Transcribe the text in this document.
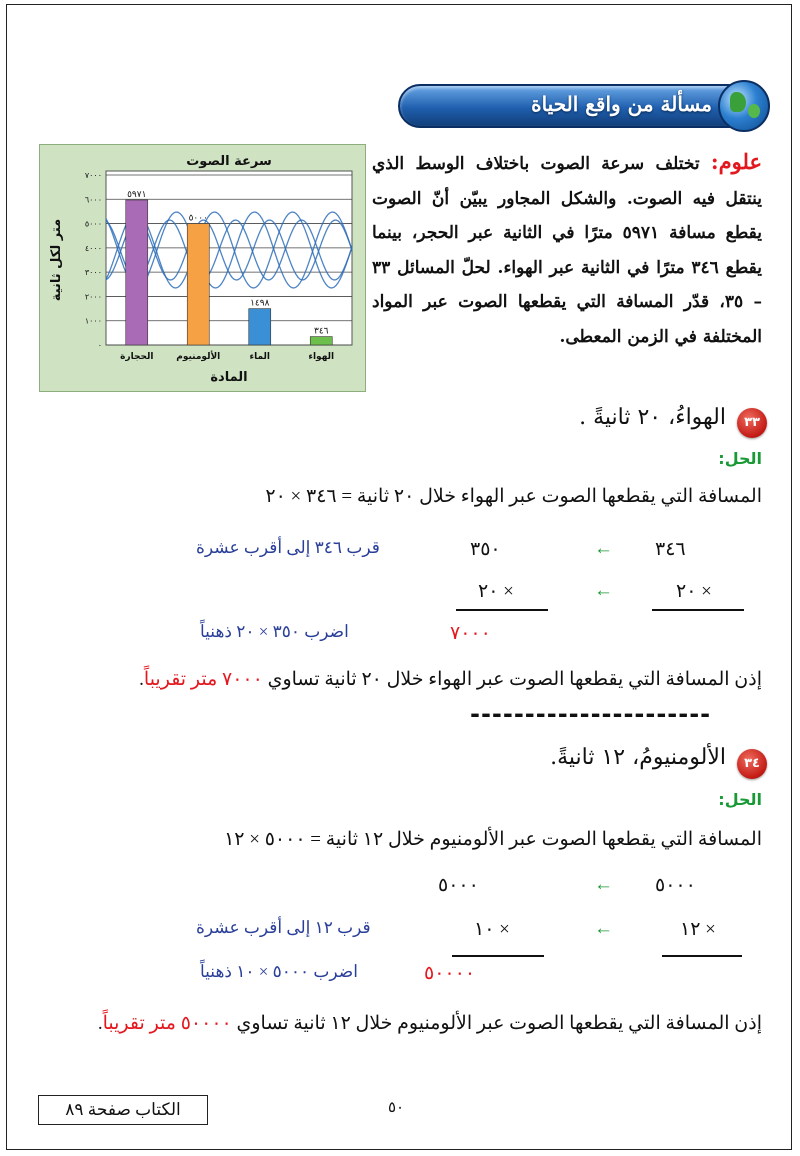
مسألة من واقع الحياة
سرعة الصوت
٠
١٠٠٠
٢٠٠٠
٣٠٠٠
٤٠٠٠
٥٠٠٠
٦٠٠٠
٧٠٠٠
٣٤٦
الهواء
١٤٩٨
الماء
٥٠٠٠
الألومنيوم
٥٩٧١
الحجارة
المادة
متر لكل ثانية
علوم: تختلف سرعة الصوت باختلاف الوسط الذي ينتقل فيه الصوت. والشكل المجاور يبيّن أنّ الصوت يقطع مسافة ٥٩٧١ مترًا في الثانية عبر الحجر، بينما يقطع ٣٤٦ مترًا في الثانية عبر الهواء. لحلّ المسائل ٣٣ – ٣٥، قدّر المسافة التي يقطعها الصوت عبر المواد المختلفة في الزمن المعطى.
٣٣
الهواءُ، ٢٠ ثانيةً .
الحل:
المسافة التي يقطعها الصوت عبر الهواء خلال ٢٠ ثانية = ٣٤٦ × ٢٠
٣٤٦
←
٣٥٠
قرب ٣٤٦ إلى أقرب عشرة
× ٢٠
←
× ٢٠
٧٠٠٠
اضرب ٣٥٠ × ٢٠ ذهنياً
إذن المسافة التي يقطعها الصوت عبر الهواء خلال ٢٠ ثانية تساوي ٧٠٠٠ متر تقريباً.
----------------------
٣٤
الألومنيومُ، ١٢ ثانيةً.
الحل:
المسافة التي يقطعها الصوت عبر الألومنيوم خلال ١٢ ثانية = ٥٠٠٠ × ١٢
٥٠٠٠
←
٥٠٠٠
× ١٢
←
× ١٠
قرب ١٢ إلى أقرب عشرة
٥٠٠٠٠
اضرب ٥٠٠٠ × ١٠ ذهنياً
إذن المسافة التي يقطعها الصوت عبر الألومنيوم خلال ١٢ ثانية تساوي ٥٠٠٠٠ متر تقريباً.
الكتاب صفحة ٨٩	٥٠
